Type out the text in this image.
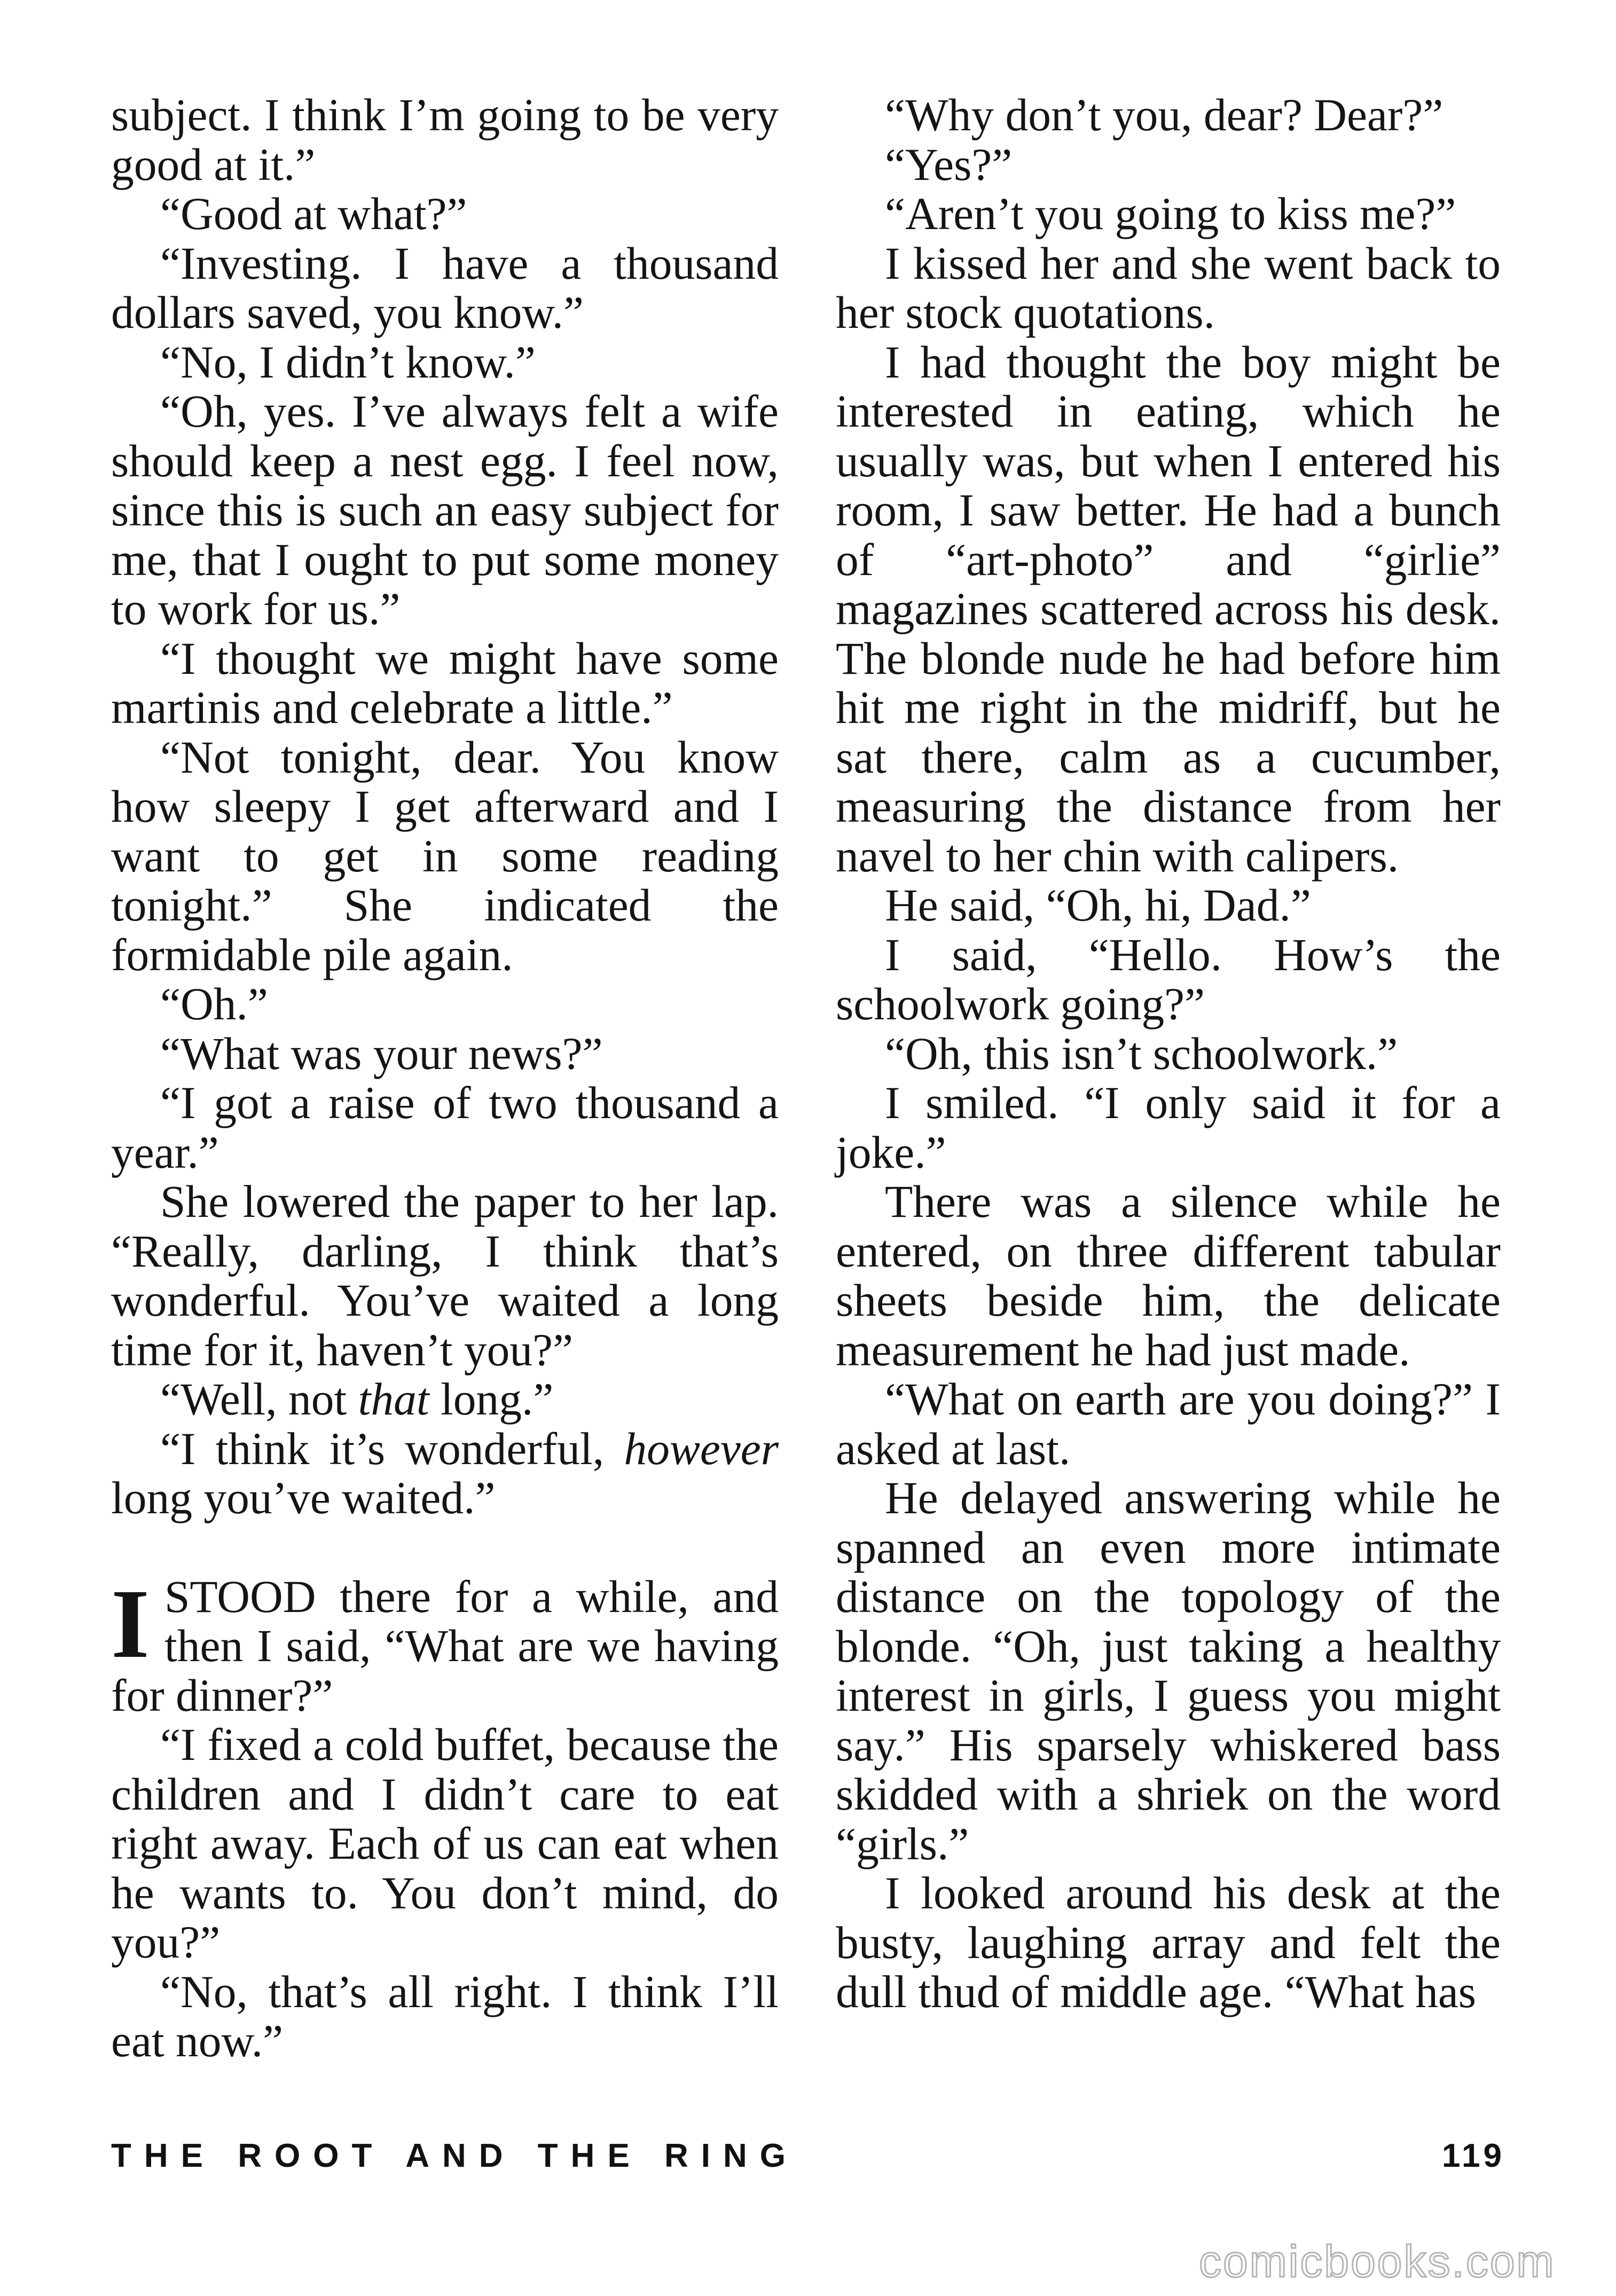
subject. I think I’m going to be very good at it.”

“Good at what?”

“Investing. I have a thousand dollars saved, you know.”

“No, I didn’t know.”

“Oh, yes. I’ve always felt a wife should keep a nest egg. I feel now, since this is such an easy subject for me, that I ought to put some money to work for us.”

“I thought we might have some martinis and celebrate a little.”

“Not tonight, dear. You know how sleepy I get afterward and I want to get in some reading tonight.” She indicated the formidable pile again.

“Oh.”

“What was your news?”

“I got a raise of two thousand a year.”

She lowered the paper to her lap. “Really, darling, I think that’s wonderful. You’ve waited a long time for it, haven’t you?”

“Well, not that long.”

“I think it’s wonderful, however long you’ve waited.”

ISTOOD there for a while, and then I said, “What are we having for dinner?”

“I fixed a cold buffet, because the children and I didn’t care to eat right away. Each of us can eat when he wants to. You don’t mind, do you?”

“No, that’s all right. I think I’ll eat now.”

“Why don’t you, dear? Dear?”

“Yes?”

“Aren’t you going to kiss me?”

I kissed her and she went back to her stock quotations.

I had thought the boy might be interested in eating, which he usually was, but when I entered his room, I saw better. He had a bunch of “art-photo” and “girlie” magazines scattered across his desk. The blonde nude he had before him hit me right in the midriff, but he sat there, calm as a cucumber, measuring the distance from her navel to her chin with calipers.

He said, “Oh, hi, Dad.”

I said, “Hello. How’s the schoolwork going?”

“Oh, this isn’t schoolwork.”

I smiled. “I only said it for a joke.”

There was a silence while he entered, on three different tabular sheets beside him, the delicate measurement he had just made.

“What on earth are you doing?” I asked at last.

He delayed answering while he spanned an even more intimate distance on the topology of the blonde. “Oh, just taking a healthy interest in girls, I guess you might say.” His sparsely whiskered bass skidded with a shriek on the word “girls.”

I looked around his desk at the busty, laughing array and felt the dull thud of middle age. “What has

THE ROOT AND THE RING	119
comicbooks.com
